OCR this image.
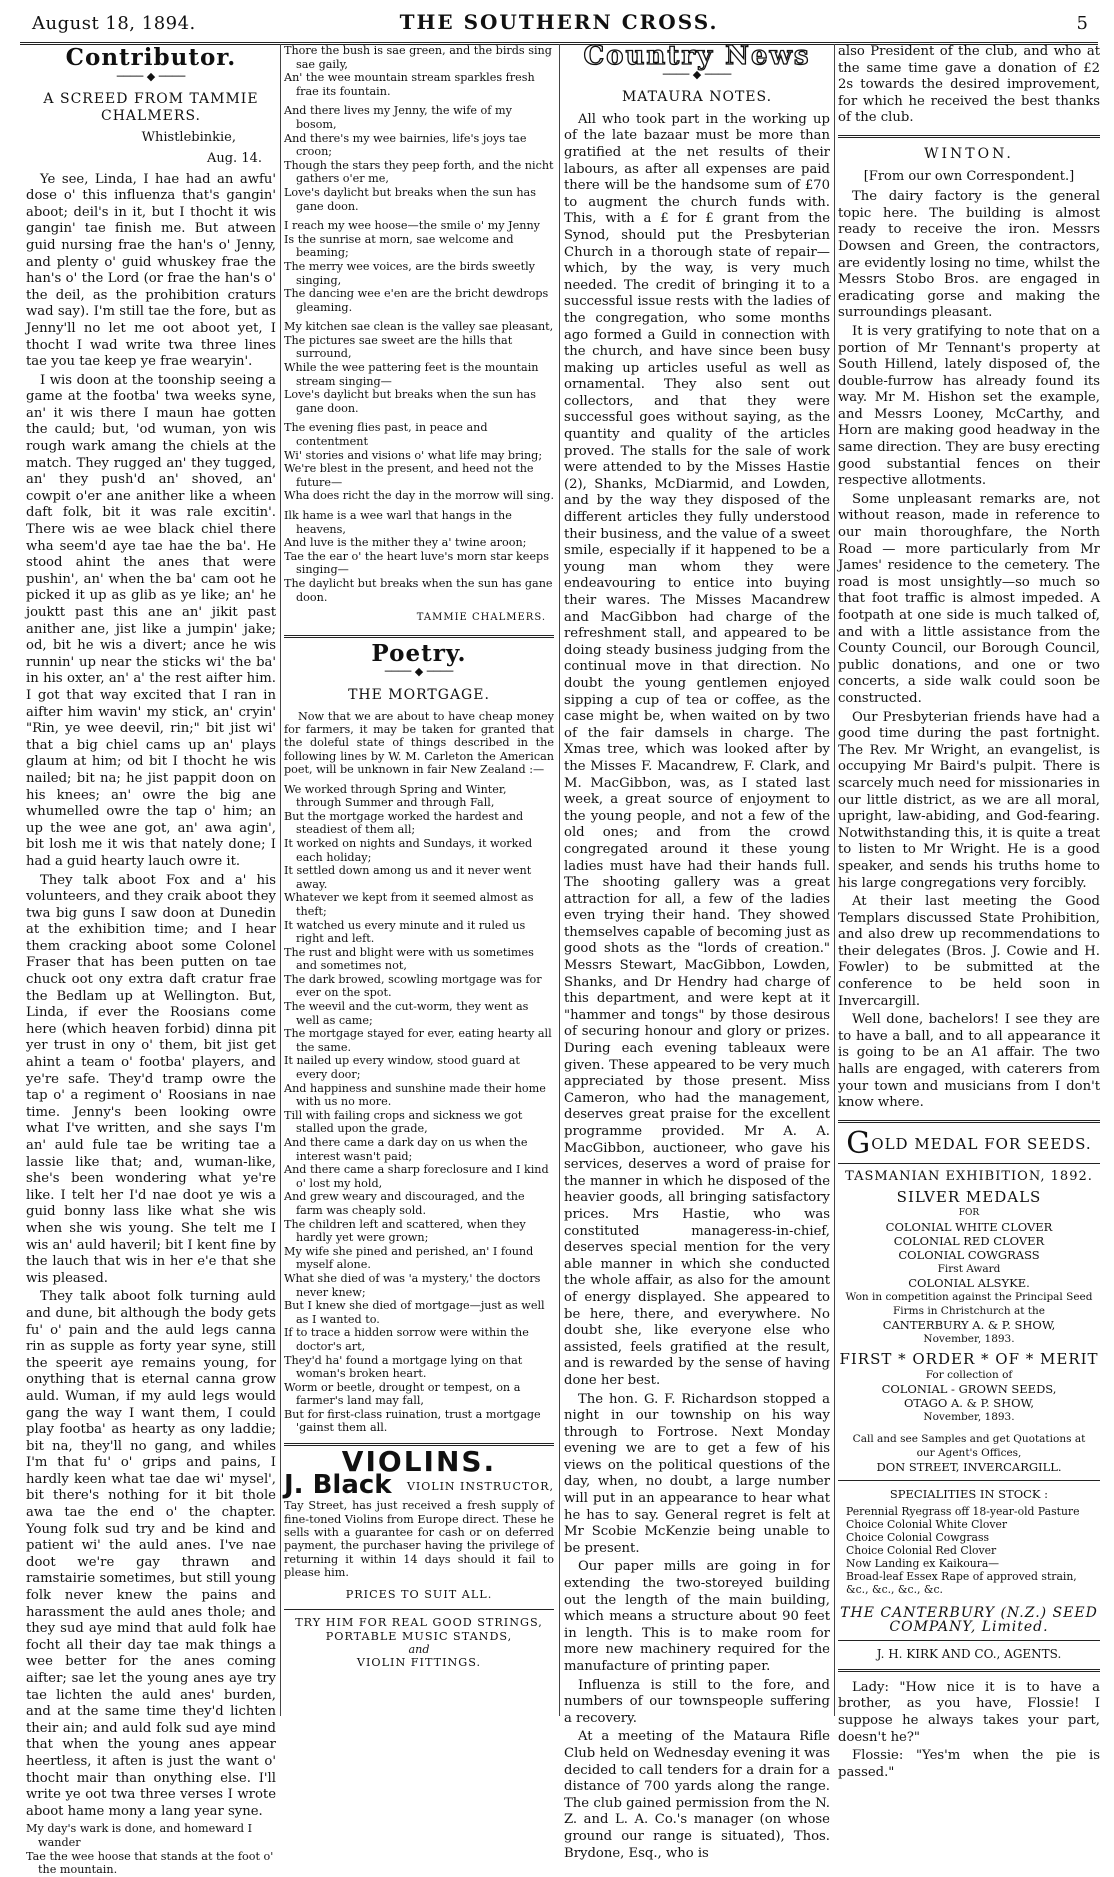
August 18, 1894.	THE SOUTHERN CROSS.	5
Contributor.
──── ◆ ────
A SCREED FROM TAMMIE CHALMERS.
Whistlebinkie,
Aug. 14.

Ye see, Linda, I hae had an awfu' dose o' this influenza that's gangin' aboot; deil's in it, but I thocht it wis gangin' tae finish me. But atween guid nursing frae the han's o' Jenny, and plenty o' guid whuskey frae the han's o' the Lord (or frae the han's o' the deil, as the prohibition craturs wad say). I'm still tae the fore, but as Jenny'll no let me oot aboot yet, I thocht I wad write twa three lines tae you tae keep ye frae wearyin'.

I wis doon at the toonship seeing a game at the footba' twa weeks syne, an' it wis there I maun hae gotten the cauld; but, 'od wuman, yon wis rough wark amang the chiels at the match. They rugged an' they tugged, an' they push'd an' shoved, an' cowpit o'er ane anither like a wheen daft folk, bit it was rale excitin'. There wis ae wee black chiel there wha seem'd aye tae hae the ba'. He stood ahint the anes that were pushin', an' when the ba' cam oot he picked it up as glib as ye like; an' he jouktt past this ane an' jikit past anither ane, jist like a jumpin' jake; od, bit he wis a divert; ance he wis runnin' up near the sticks wi' the ba' in his oxter, an' a' the rest aifter him. I got that way excited that I ran in aifter him wavin' my stick, an' cryin' "Rin, ye wee deevil, rin;" bit jist wi' that a big chiel cams up an' plays glaum at him; od bit I thocht he wis nailed; bit na; he jist pappit doon on his knees; an' owre the big ane whumelled owre the tap o' him; an up the wee ane got, an' awa agin', bit losh me it wis that nately done; I had a guid hearty lauch owre it.

They talk aboot Fox and a' his volunteers, and they craik aboot they twa big guns I saw doon at Dunedin at the exhibition time; and I hear them cracking aboot some Colonel Fraser that has been putten on tae chuck oot ony extra daft cratur frae the Bedlam up at Wellington. But, Linda, if ever the Roosians come here (which heaven forbid) dinna pit yer trust in ony o' them, bit jist get ahint a team o' footba' players, and ye're safe. They'd tramp owre the tap o' a regiment o' Roosians in nae time. Jenny's been looking owre what I've written, and she says I'm an' auld fule tae be writing tae a lassie like that; and, wuman-like, she's been wondering what ye're like. I telt her I'd nae doot ye wis a guid bonny lass like what she wis when she wis young. She telt me I wis an' auld haveril; bit I kent fine by the lauch that wis in her e'e that she wis pleased.

They talk aboot folk turning auld and dune, bit although the body gets fu' o' pain and the auld legs canna rin as supple as forty year syne, still the speerit aye remains young, for onything that is eternal canna grow auld. Wuman, if my auld legs would gang the way I want them, I could play footba' as hearty as ony laddie; bit na, they'll no gang, and whiles I'm that fu' o' grips and pains, I hardly keen what tae dae wi' mysel', bit there's nothing for it bit thole awa tae the end o' the chapter. Young folk sud try and be kind and patient wi' the auld anes. I've nae doot we're gay thrawn and ramstairie sometimes, but still young folk never knew the pains and harassment the auld anes thole; and they sud aye mind that auld folk hae focht all their day tae mak things a wee better for the anes coming aifter; sae let the young anes aye try tae lichten the auld anes' burden, and at the same time they'd lichten their ain; and auld folk sud aye mind that when the young anes appear heertless, it aften is just the want o' thocht mair than onything else. I'll write ye oot twa three verses I wrote aboot hame mony a lang year syne.

My day's wark is done, and homeward I wander
Tae the wee hoose that stands at the foot o' the mountain.
Thore the bush is sae green, and the birds sing sae gaily,
An' the wee mountain stream sparkles fresh frae its fountain.
And there lives my Jenny, the wife of my bosom,
And there's my wee bairnies, life's joys tae croon;
Though the stars they peep forth, and the nicht gathers o'er me,
Love's daylicht but breaks when the sun has gane doon.
I reach my wee hoose—the smile o' my Jenny
Is the sunrise at morn, sae welcome and beaming;
The merry wee voices, are the birds sweetly singing,
The dancing wee e'en are the bricht dewdrops gleaming.
My kitchen sae clean is the valley sae pleasant,
The pictures sae sweet are the hills that surround,
While the wee pattering feet is the mountain stream singing—
Love's daylicht but breaks when the sun has gane doon.
The evening flies past, in peace and contentment
Wi' stories and visions o' what life may bring;
We're blest in the present, and heed not the future—
Wha does richt the day in the morrow will sing.
Ilk hame is a wee warl that hangs in the heavens,
And luve is the mither they a' twine aroon;
Tae the ear o' the heart luve's morn star keeps singing—
The daylicht but breaks when the sun has gane doon.
TAMMIE CHALMERS.
Poetry.
──── ◆ ────
THE MORTGAGE.
Now that we are about to have cheap money for farmers, it may be taken for granted that the doleful state of things described in the following lines by W. M. Carleton the American poet, will be unknown in fair New Zealand :—
We worked through Spring and Winter, through Summer and through Fall,
But the mortgage worked the hardest and steadiest of them all;
It worked on nights and Sundays, it worked each holiday;
It settled down among us and it never went away.
Whatever we kept from it seemed almost as theft;
It watched us every minute and it ruled us right and left.
The rust and blight were with us sometimes and sometimes not,
The dark browed, scowling mortgage was for ever on the spot.
The weevil and the cut-worm, they went as well as came;
The mortgage stayed for ever, eating hearty all the same.
It nailed up every window, stood guard at every door;
And happiness and sunshine made their home with us no more.
Till with failing crops and sickness we got stalled upon the grade,
And there came a dark day on us when the interest wasn't paid;
And there came a sharp foreclosure and I kind o' lost my hold,
And grew weary and discouraged, and the farm was cheaply sold.
The children left and scattered, when they hardly yet were grown;
My wife she pined and perished, an' I found myself alone.
What she died of was 'a mystery,' the doctors never knew;
But I knew she died of mortgage—just as well as I wanted to.
If to trace a hidden sorrow were within the doctor's art,
They'd ha' found a mortgage lying on that woman's broken heart.
Worm or beetle, drought or tempest, on a farmer's land may fall,
But for first-class ruination, trust a mortgage 'gainst them all.
VIOLINS.
J. Black VIOLIN INSTRUCTOR,
Tay Street, has just received a fresh supply of fine-toned Violins from Europe direct. These he sells with a guarantee for cash or on deferred payment, the purchaser having the privilege of returning it within 14 days should it fail to please him.
PRICES TO SUIT ALL.
TRY HIM FOR REAL GOOD STRINGS,
PORTABLE MUSIC STANDS,
and
VIOLIN FITTINGS.
Country News
──── ◆ ────
MATAURA NOTES.

All who took part in the working up of the late bazaar must be more than gratified at the net results of their labours, as after all expenses are paid there will be the handsome sum of £70 to augment the church funds with. This, with a £ for £ grant from the Synod, should put the Presbyterian Church in a thorough state of repair—which, by the way, is very much needed. The credit of bringing it to a successful issue rests with the ladies of the congregation, who some months ago formed a Guild in connection with the church, and have since been busy making up articles useful as well as ornamental. They also sent out collectors, and that they were successful goes without saying, as the quantity and quality of the articles proved. The stalls for the sale of work were attended to by the Misses Hastie (2), Shanks, McDiarmid, and Lowden, and by the way they disposed of the different articles they fully understood their business, and the value of a sweet smile, especially if it happened to be a young man whom they were endeavouring to entice into buying their wares. The Misses Macandrew and MacGibbon had charge of the refreshment stall, and appeared to be doing steady business judging from the continual move in that direction. No doubt the young gentlemen enjoyed sipping a cup of tea or coffee, as the case might be, when waited on by two of the fair damsels in charge. The Xmas tree, which was looked after by the Misses F. Macandrew, F. Clark, and M. MacGibbon, was, as I stated last week, a great source of enjoyment to the young people, and not a few of the old ones; and from the crowd congregated around it these young ladies must have had their hands full. The shooting gallery was a great attraction for all, a few of the ladies even trying their hand. They showed themselves capable of becoming just as good shots as the "lords of creation." Messrs Stewart, MacGibbon, Lowden, Shanks, and Dr Hendry had charge of this department, and were kept at it "hammer and tongs" by those desirous of securing honour and glory or prizes. During each evening tableaux were given. These appeared to be very much appreciated by those present. Miss Cameron, who had the management, deserves great praise for the excellent programme provided. Mr A. A. MacGibbon, auctioneer, who gave his services, deserves a word of praise for the manner in which he disposed of the heavier goods, all bringing satisfactory prices. Mrs Hastie, who was constituted manageress-in-chief, deserves special mention for the very able manner in which she conducted the whole affair, as also for the amount of energy displayed. She appeared to be here, there, and everywhere. No doubt she, like everyone else who assisted, feels gratified at the result, and is rewarded by the sense of having done her best.

The hon. G. F. Richardson stopped a night in our township on his way through to Fortrose. Next Monday evening we are to get a few of his views on the political questions of the day, when, no doubt, a large number will put in an appearance to hear what he has to say. General regret is felt at Mr Scobie McKenzie being unable to be present.

Our paper mills are going in for extending the two-storeyed building out the length of the main building, which means a structure about 90 feet in length. This is to make room for more new machinery required for the manufacture of printing paper.

Influenza is still to the fore, and numbers of our townspeople suffering a recovery.

At a meeting of the Mataura Rifle Club held on Wednesday evening it was decided to call tenders for a drain for a distance of 700 yards along the range. The club gained permission from the N. Z. and L. A. Co.'s manager (on whose ground our range is situated), Thos. Brydone, Esq., who is

also President of the club, and who at the same time gave a donation of £2 2s towards the desired improvement, for which he received the best thanks of the club.

WINTON.
[From our own Correspondent.]

The dairy factory is the general topic here. The building is almost ready to receive the iron. Messrs Dowsen and Green, the contractors, are evidently losing no time, whilst the Messrs Stobo Bros. are engaged in eradicating gorse and making the surroundings pleasant.

It is very gratifying to note that on a portion of Mr Tennant's property at South Hillend, lately disposed of, the double-furrow has already found its way. Mr M. Hishon set the example, and Messrs Looney, McCarthy, and Horn are making good headway in the same direction. They are busy erecting good substantial fences on their respective allotments.

Some unpleasant remarks are, not without reason, made in reference to our main thoroughfare, the North Road — more particularly from Mr James' residence to the cemetery. The road is most unsightly—so much so that foot traffic is almost impeded. A footpath at one side is much talked of, and with a little assistance from the County Council, our Borough Council, public donations, and one or two concerts, a side walk could soon be constructed.

Our Presbyterian friends have had a good time during the past fortnight. The Rev. Mr Wright, an evangelist, is occupying Mr Baird's pulpit. There is scarcely much need for missionaries in our little district, as we are all moral, upright, law-abiding, and God-fearing. Notwithstanding this, it is quite a treat to listen to Mr Wright. He is a good speaker, and sends his truths home to his large congregations very forcibly.

At their last meeting the Good Templars discussed State Prohibition, and also drew up recommendations to their delegates (Bros. J. Cowie and H. Fowler) to be submitted at the conference to be held soon in Invercargill.

Well done, bachelors! I see they are to have a ball, and to all appearance it is going to be an A1 affair. The two halls are engaged, with caterers from your town and musicians from I don't know where.

GOLD MEDAL FOR SEEDS.
TASMANIAN EXHIBITION, 1892.
SILVER MEDALS
FOR
COLONIAL WHITE CLOVER
COLONIAL RED CLOVER
COLONIAL COWGRASS
First Award
COLONIAL ALSYKE.
Won in competition against the Principal Seed Firms in Christchurch at the
CANTERBURY A. & P. SHOW,
November, 1893.
FIRST * ORDER * OF * MERIT
For collection of
COLONIAL - GROWN SEEDS,
OTAGO A. & P. SHOW,
November, 1893.
Call and see Samples and get Quotations at our Agent's Offices,
DON STREET, INVERCARGILL.
SPECIALITIES IN STOCK :
Perennial Ryegrass off 18-year-old Pasture
Choice Colonial White Clover
Choice Colonial Cowgrass
Choice Colonial Red Clover
Now Landing ex Kaikoura—
Broad-leaf Essex Rape of approved strain, &c., &c., &c., &c.
THE CANTERBURY (N.Z.) SEED COMPANY, Limited.
J. H. KIRK AND CO., AGENTS.

Lady: "How nice it is to have a brother, as you have, Flossie! I suppose he always takes your part, doesn't he?"

Flossie: "Yes'm when the pie is passed."
